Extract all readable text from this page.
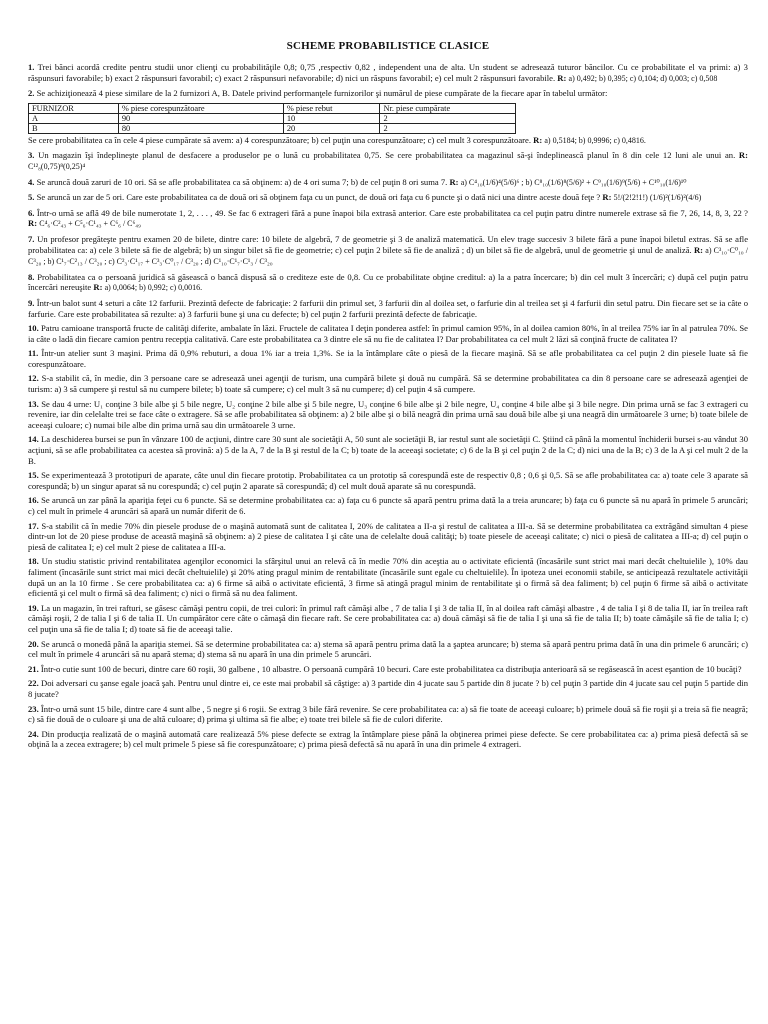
SCHEME PROBABILISTICE CLASICE

1. Trei bănci acordă credite pentru studii unor clienţi cu probabilităţile 0,8; 0,75 ,respectiv 0,82 , independent una de alta. Un student se adresează tuturor băncilor. Cu ce probabilitate el va primi: a) 3 răspunsuri favorabile; b) exact 2 răspunsuri favorabil; c) exact 2 răspunsuri nefavorabile; d) nici un răspuns favorabil; e) cel mult 2 răspunsuri favorabile. R: a) 0,492; b) 0,395; c) 0,104; d) 0,003; c) 0,508

2. Se achiziţionează 4 piese similare de la 2 furnizori A, B. Datele privind performanţele furnizorilor şi numărul de piese cumpărate de la fiecare apar în tabelul următor:

FURNIZOR	% piese corespunzătoare	% piese rebut	Nr. piese cumpărate
A	90	10	2
B	80	20	2

Se cere probabilitatea ca în cele 4 piese cumpărate să avem: a) 4 corespunzătoare; b) cel puţin una corespunzătoare; c) cel mult 3 corespunzătoare. R: a) 0,5184; b) 0,9996; c) 0,4816.

3. Un magazin îşi îndeplineşte planul de desfacere a produselor pe o lună cu probabilitatea 0,75. Se cere probabilitatea ca magazinul să-şi îndeplinească planul în 8 din cele 12 luni ale unui an. R: C¹²₈(0,75)⁸(0,25)⁴

4. Se aruncă două zaruri de 10 ori. Să se afle probabilitatea ca să obţinem: a) de 4 ori suma 7; b) de cel puţin 8 ori suma 7. R: a) C⁴₁₀(1/6)⁴(5/6)⁶ ; b) C⁸₁₀(1/6)⁸(5/6)² + C⁹₁₀(1/6)⁹(5/6) + C¹⁰₁₀(1/6)¹⁰

5. Se aruncă un zar de 5 ori. Care este probabilitatea ca de două ori să obţinem faţa cu un punct, de două ori faţa cu 6 puncte şi o dată nici una dintre aceste două feţe ? R: 5!/(2!2!1!) (1/6)²(1/6)²(4/6)

6. Într-o urnă se află 49 de bile numerotate 1, 2, . . . , 49. Se fac 6 extrageri fără a pune înapoi bila extrasă anterior. Care este probabilitatea ca cel puţin patru dintre numerele extrase să fie 7, 26, 14, 8, 3, 22 ? R: C⁴₆·C²₄₃ + C⁵₆·C¹₄₃ + C⁶₆ / C⁶₄₉

7. Un profesor pregăteşte pentru examen 20 de bilete, dintre care: 10 bilete de algebră, 7 de geometrie şi 3 de analiză matematică. Un elev trage succesiv 3 bilete fără a pune înapoi biletul extras. Să se afle probabilitatea ca: a) cele 3 bilete să fie de algebră; b) un singur bilet să fie de geometrie; c) cel puţin 2 bilete să fie de analiză ; d) un bilet să fie de algebră, unul de geometrie şi unul de analiză. R: a) C³₁₀·C⁰₁₀ / C³₂₀ ; b) C¹₇·C²₁₃ / C³₂₀ ; c) C²₃·C¹₁₇ + C³₃·C⁰₁₇ / C³₂₀ ; d) C¹₁₀·C¹₇·C¹₃ / C³₂₀

8. Probabilitatea ca o persoană juridică să găsească o bancă dispusă să o crediteze este de 0,8. Cu ce probabilitate obţine creditul: a) la a patra încercare; b) din cel mult 3 încercări; c) după cel puţin patru încercări nereuşite R: a) 0,0064; b) 0,992; c) 0,0016.

9. Într-un balot sunt 4 seturi a câte 12 farfurii. Prezintă defecte de fabricaţie: 2 farfurii din primul set, 3 farfurii din al doilea set, o farfurie din al treilea set şi 4 farfurii din setul patru. Din fiecare set se ia câte o farfurie. Care este probabilitatea să rezulte: a) 3 farfurii bune şi una cu defecte; b) cel puţin 2 farfurii prezintă defecte de fabricaţie.

10. Patru camioane transportă fructe de calităţi diferite, ambalate în lăzi. Fructele de calitatea I deţin ponderea astfel: în primul camion 95%, în al doilea camion 80%, în al treilea 75% iar în al patrulea 70%. Se ia câte o ladă din fiecare camion pentru recepţia calitativă. Care este probabilitatea ca 3 dintre ele să nu fie de calitatea I? Dar probabilitatea ca cel mult 2 lăzi să conţină fructe de calitatea I?

11. Într-un atelier sunt 3 maşini. Prima dă 0,9% rebuturi, a doua 1% iar a treia 1,3%. Se ia la întâmplare câte o piesă de la fiecare maşină. Să se afle probabilitatea ca cel puţin 2 din piesele luate să fie corespunzătoare.

12. S-a stabilit că, în medie, din 3 persoane care se adresează unei agenţii de turism, una cumpără bilete şi două nu cumpără. Să se determine probabilitatea ca din 8 persoane care se adresează agenţiei de turism: a) 3 să cumpere şi restul să nu cumpere bilete; b) toate să cumpere; c) cel mult 3 să nu cumpere; d) cel puţin 4 să cumpere.

13. Se dau 4 urne: U₁ conţine 3 bile albe şi 5 bile negre, U₂ conţine 2 bile albe şi 5 bile negre, U₃ conţine 6 bile albe şi 2 bile negre, U₄ conţine 4 bile albe şi 3 bile negre. Din prima urnă se fac 3 extrageri cu revenire, iar din celelalte trei se face câte o extragere. Să se afle probabilitatea să obţinem: a) 2 bile albe şi o bilă neagră din prima urnă sau două bile albe şi una neagră din următoarele 3 urne; b) toate bilele de aceeaşi culoare; c) numai bile albe din prima urnă sau din următoarele 3 urne.

14. La deschiderea bursei se pun în vânzare 100 de acţiuni, dintre care 30 sunt ale societăţii A, 50 sunt ale societăţii B, iar restul sunt ale societăţii C. Ştiind că până la momentul închiderii bursei s-au vândut 30 acţiuni, să se afle probabilitatea ca acestea să provină: a) 5 de la A, 7 de la B şi restul de la C; b) toate de la aceeaşi societate; c) 6 de la B şi cel puţin 2 de la C; d) nici una de la B; c) 3 de la A şi cel mult 2 de la B.

15. Se experimentează 3 prototipuri de aparate, câte unul din fiecare prototip. Probabilitatea ca un prototip să corespundă este de respectiv 0,8 ; 0,6 şi 0,5. Să se afle probabilitatea ca: a) toate cele 3 aparate să corespundă; b) un singur aparat să nu corespundă; c) cel puţin 2 aparate să corespundă; d) cel mult două aparate să nu corespundă.

16. Se aruncă un zar până la apariţia feţei cu 6 puncte. Să se determine probabilitatea ca: a) faţa cu 6 puncte să apară pentru prima dată la a treia aruncare; b) faţa cu 6 puncte să nu apară în primele 5 aruncări; c) cel mult în primele 4 aruncări să apară un număr diferit de 6.

17. S-a stabilit că în medie 70% din piesele produse de o maşină automată sunt de calitatea I, 20% de calitatea a II-a şi restul de calitatea a III-a. Să se determine probabilitatea ca extrăgând simultan 4 piese dintr-un lot de 20 piese produse de această maşină să obţinem: a) 2 piese de calitatea I şi câte una de celelalte două calităţi; b) toate piesele de aceeaşi calitate; c) nici o piesă de calitatea a III-a; d) cel puţin o piesă de calitatea I; e) cel mult 2 piese de calitatea a III-a.

18. Un studiu statistic privind rentabilitatea agenţilor economici la sfârşitul unui an relevă că în medie 70% din aceştia au o activitate eficientă (încasările sunt strict mai mari decât cheltuielile ), 10% dau faliment (încasările sunt strict mai mici decât cheltuielile) şi 20% ating pragul minim de rentabilitate (încasările sunt egale cu cheltuielile). În ipoteza unei economii stabile, se anticipează rezultatele activităţii după un an la 10 firme . Se cere probabilitatea ca: a) 6 firme să aibă o activitate eficientă, 3 firme să atingă pragul minim de rentabilitate şi o firmă să dea faliment; b) cel puţin 6 firme să aibă o activitate eficientă şi cel mult o firmă să dea faliment; c) nici o firmă să nu dea faliment.

19. La un magazin, în trei rafturi, se găsesc cămăşi pentru copii, de trei culori: în primul raft cămăşi albe , 7 de talia I şi 3 de talia II, în al doilea raft cămăşi albastre , 4 de talia I şi 8 de talia II, iar în treilea raft cămăşi roşii, 2 de talia I şi 6 de talia II. Un cumpărător cere câte o cămaşă din fiecare raft. Se cere probabilitatea ca: a) două cămăşi să fie de talia I şi una să fie de talia II; b) toate cămăşile să fie de talia I; c) cel puţin una să fie de talia I; d) toate să fie de aceeaşi talie.

20. Se aruncă o monedă până la apariţia stemei. Să se determine probabilitatea ca: a) stema să apară pentru prima dată la a şaptea aruncare; b) stema să apară pentru prima dată în una din primele 6 aruncări; c) cel mult în primele 4 aruncări să nu apară stema; d) stema să nu apară în una din primele 5 aruncări.

21. Într-o cutie sunt 100 de becuri, dintre care 60 roşii, 30 galbene , 10 albastre. O persoană cumpără 10 becuri. Care este probabilitatea ca distribuţia anterioară să se regăsească în acest eşantion de 10 bucăţi?

22. Doi adversari cu şanse egale joacă şah. Pentru unul dintre ei, ce este mai probabil să câştige: a) 3 partide din 4 jucate sau 5 partide din 8 jucate ? b) cel puţin 3 partide din 4 jucate sau cel puţin 5 partide din 8 jucate?

23. Într-o urnă sunt 15 bile, dintre care 4 sunt albe , 5 negre şi 6 roşii. Se extrag 3 bile fără revenire. Se cere probabilitatea ca: a) să fie toate de aceeaşi culoare; b) primele două să fie roşii şi a treia să fie neagră; c) să fie două de o culoare şi una de altă culoare; d) prima şi ultima să fie albe; e) toate trei bilele să fie de culori diferite.

24. Din producţia realizată de o maşină automată care realizează 5% piese defecte se extrag la întâmplare piese până la obţinerea primei piese defecte. Se cere probabilitatea ca: a) prima piesă defectă să se obţină la a zecea extragere; b) cel mult primele 5 piese să fie corespunzătoare; c) prima piesă defectă să nu apară în una din primele 4 extrageri.
